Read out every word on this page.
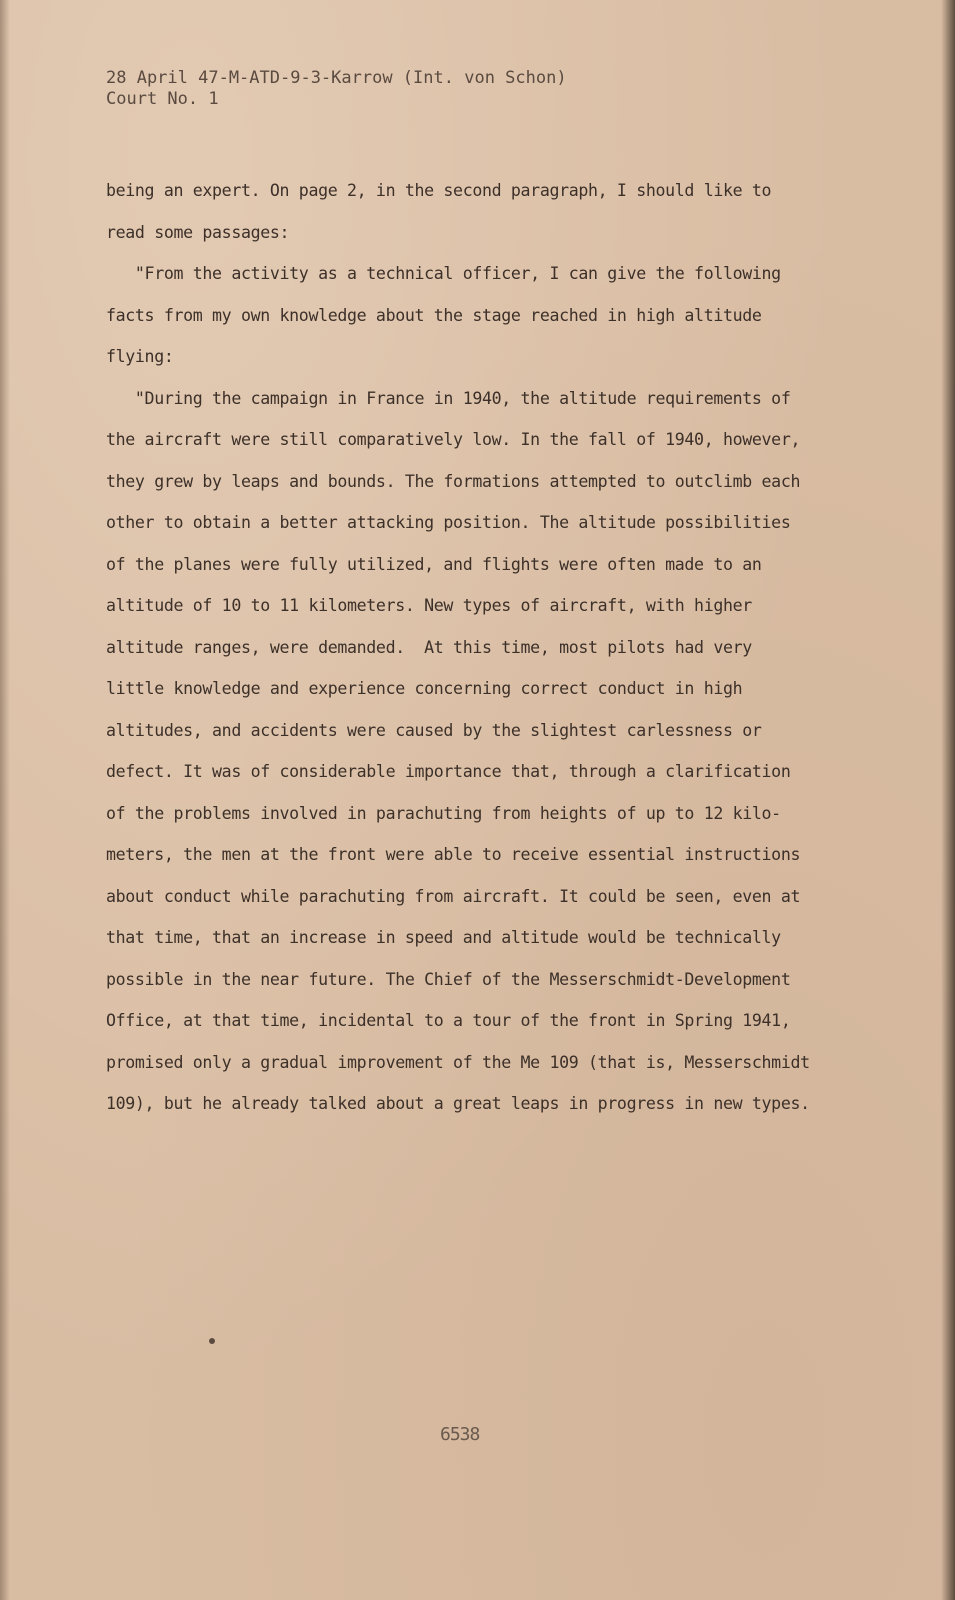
28 April 47-M-ATD-9-3-Karrow (Int. von Schon)
Court No. 1
being an expert. On page 2, in the second paragraph, I should like to
read some passages:
"From the activity as a technical officer, I can give the following
facts from my own knowledge about the stage reached in high altitude
flying:
"During the campaign in France in 1940, the altitude requirements of
the aircraft were still comparatively low. In the fall of 1940, however,
they grew by leaps and bounds. The formations attempted to outclimb each
other to obtain a better attacking position. The altitude possibilities
of the planes were fully utilized, and flights were often made to an
altitude of 10 to 11 kilometers. New types of aircraft, with higher
altitude ranges, were demanded.  At this time, most pilots had very
little knowledge and experience concerning correct conduct in high
altitudes, and accidents were caused by the slightest carlessness or
defect. It was of considerable importance that, through a clarification
of the problems involved in parachuting from heights of up to 12 kilo-
meters, the men at the front were able to receive essential instructions
about conduct while parachuting from aircraft. It could be seen, even at
that time, that an increase in speed and altitude would be technically
possible in the near future. The Chief of the Messerschmidt-Development
Office, at that time, incidental to a tour of the front in Spring 1941,
promised only a gradual improvement of the Me 109 (that is, Messerschmidt
109), but he already talked about a great leaps in progress in new types.
6538
